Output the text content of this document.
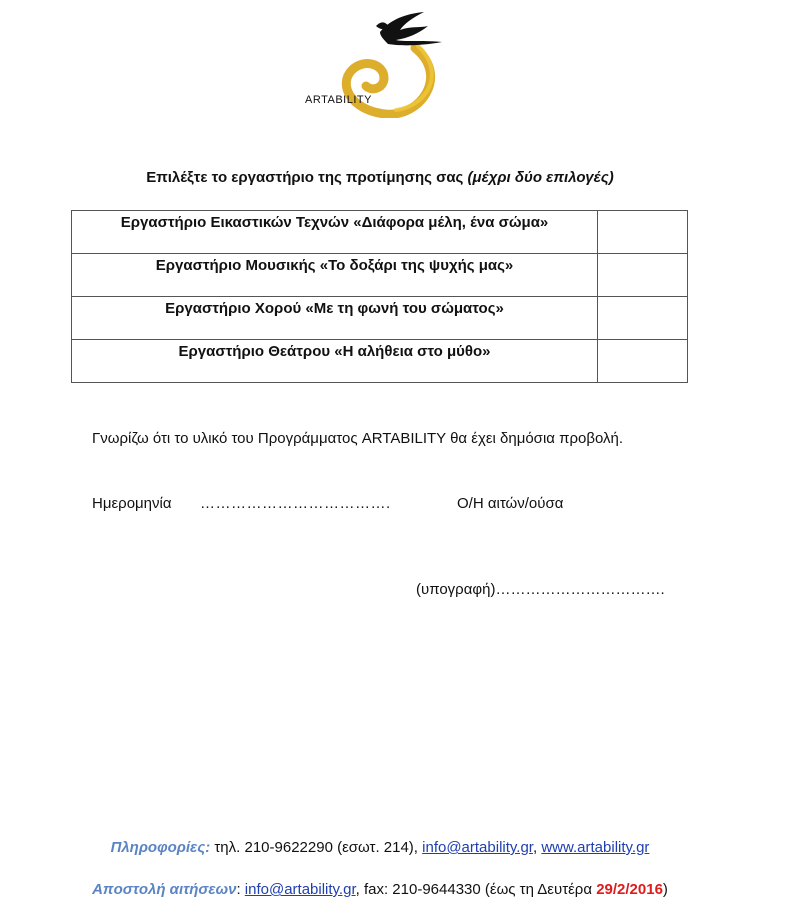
ARTABILITY
Επιλέξτε το εργαστήριο της προτίμησης σας (μέχρι δύο επιλογές)
Εργαστήριο Εικαστικών Τεχνών «Διάφορα μέλη, ένα σώμα»	
Εργαστήριο Μουσικής «Το δοξάρι της ψυχής μας»	
Εργαστήριο Χορού «Με τη φωνή του σώματος»	
Εργαστήριο Θεάτρου «Η αλήθεια στο μύθο»	
Γνωρίζω ότι το υλικό του Προγράμματος ARTABILITY θα έχει δημόσια προβολή.
Ημερομηνία ……………………………….	Ο/Η αιτών/ούσα
(υπογραφή)…………………………….
Πληροφορίες: τηλ. 210-9622290 (εσωτ. 214), info@artability.gr, www.artability.gr
Αποστολή αιτήσεων: info@artability.gr, fax: 210-9644330 (έως τη Δευτέρα 29/2/2016)
